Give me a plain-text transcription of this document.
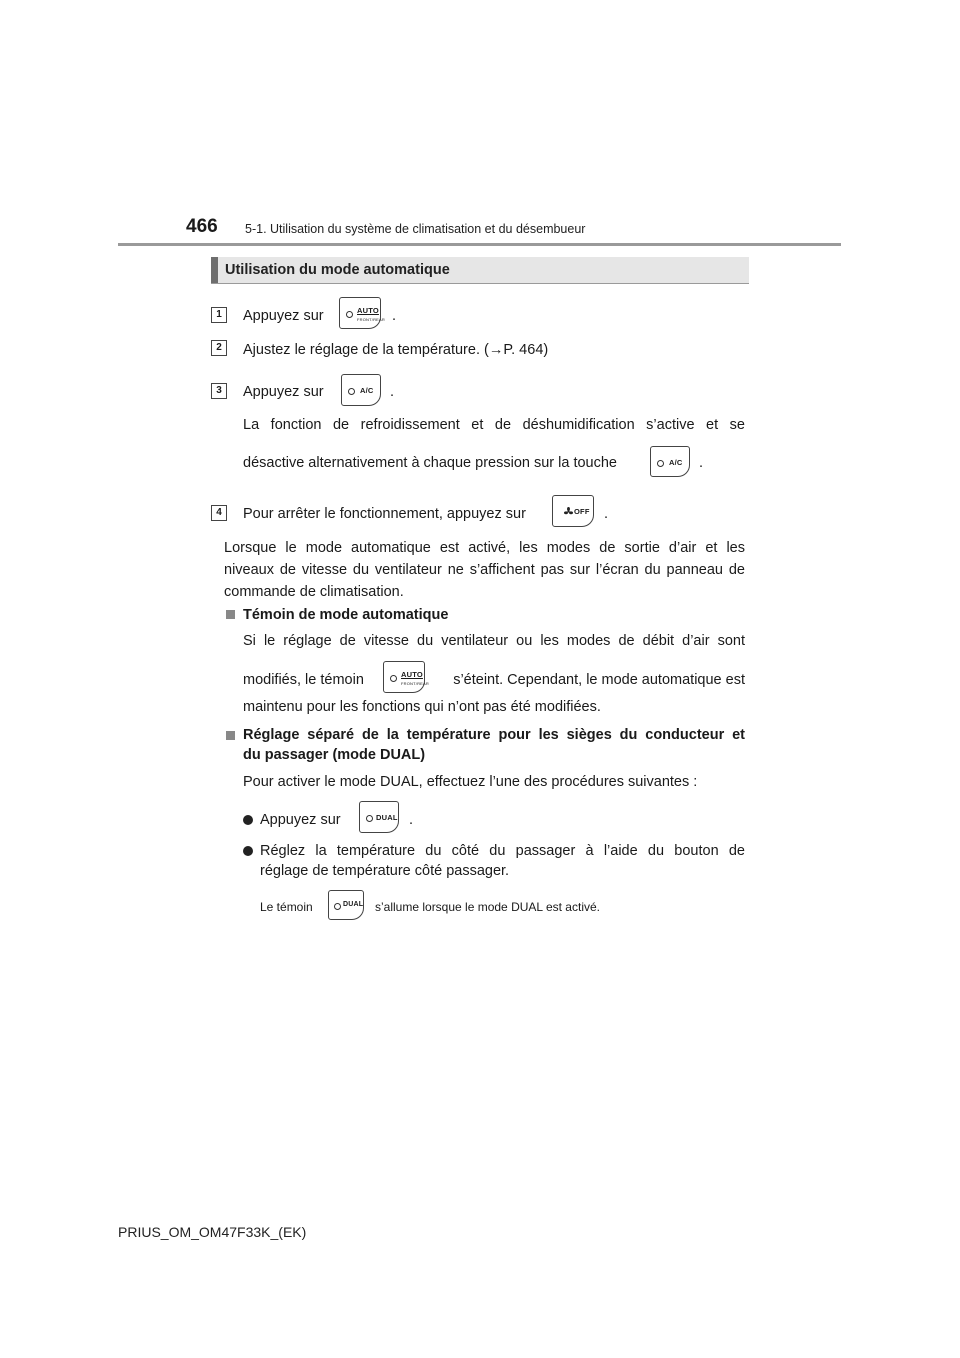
466 5-1. Utilisation du système de climatisation et du désembueur
Utilisation du mode automatique
1	Appuyez sur	AUTO
FRONT/REAR .
2	Ajustez le réglage de la température. (→P. 464)
3	Appuyez sur	A/C .
La fonction de refroidissement et de déshumidification s’active et se
désactive alternativement à chaque pression sur la touche	A/C .
4	Pour arrêter le fonctionnement, appuyez sur	OFF .
Lorsque le mode automatique est activé, les modes de sortie d’air et les
niveaux de vitesse du ventilateur ne s’affichent pas sur l’écran du panneau de
commande de climatisation.
Témoin de mode automatique
Si le réglage de vitesse du ventilateur ou les modes de débit d’air sont
modifiés, le témoin	AUTO
FRONT/REAR	s’éteint. Cependant, le mode automatique est
maintenu pour les fonctions qui n’ont pas été modifiées.
Réglage séparé de la température pour les sièges du conducteur et
du passager (mode DUAL)
Pour activer le mode DUAL, effectuez l’une des procédures suivantes :
Appuyez sur	DUAL .
Réglez la température du côté du passager à l’aide du bouton de
réglage de température côté passager.
Le témoin	DUAL s’allume lorsque le mode DUAL est activé.
PRIUS_OM_OM47F33K_(EK)
